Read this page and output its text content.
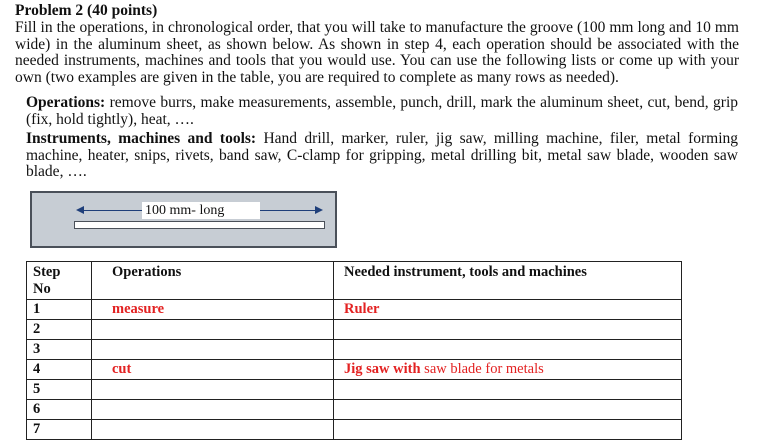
Problem 2 (40 points)

Fill in the operations, in chronological order, that you will take to manufacture the groove (100 mm long and 10 mm wide) in the aluminum sheet, as shown below. As shown in step 4, each operation should be associated with the needed instruments, machines and tools that you would use. You can use the following lists or come up with your own (two examples are given in the table, you are required to complete as many rows as needed).

Operations: remove burrs, make measurements, assemble, punch, drill, mark the aluminum sheet, cut, bend, grip (fix, hold tightly), heat, ….

Instruments, machines and tools: Hand drill, marker, ruler, jig saw, milling machine, filer, metal forming machine, heater, snips, rivets, band saw, C-clamp for gripping, metal drilling bit, metal saw blade, wooden saw blade, ….

100 mm- long
Step
No	Operations	Needed instrument, tools and machines
1	measure	Ruler
2		
3		
4	cut	Jig saw with saw blade for metals
5		
6		
7		
